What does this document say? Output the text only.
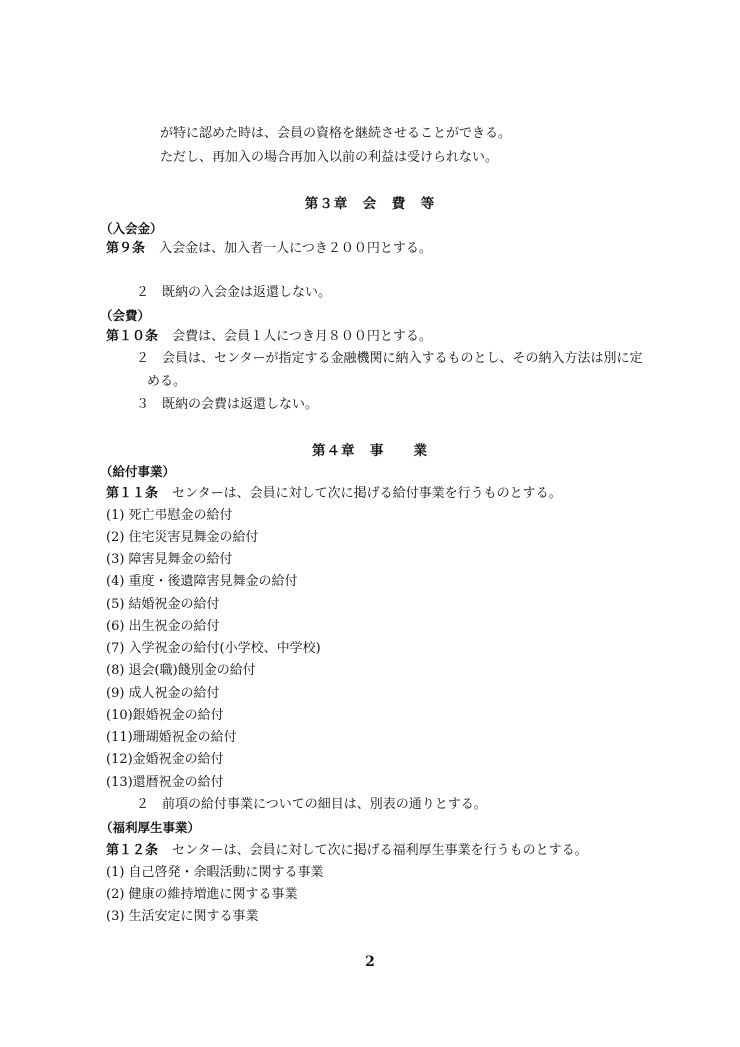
が特に認めた時は、会員の資格を継続させることができる。
ただし、再加入の場合再加入以前の利益は受けられない。
第３章　会　費　等
（入会金）
第９条 入会金は、加入者一人につき２００円とする。
２　既納の入会金は返還しない。
（会費）
第１０条 会費は、会員１人につき月８００円とする。
２　会員は、センターが指定する金融機関に納入するものとし、その納入方法は別に定
める。
３　既納の会費は返還しない。
第４章　事　　業
（給付事業）
第１１条 センターは、会員に対して次に掲げる給付事業を行うものとする。
(1) 死亡弔慰金の給付
(2) 住宅災害見舞金の給付
(3) 障害見舞金の給付
(4) 重度・後遺障害見舞金の給付
(5) 結婚祝金の給付
(6) 出生祝金の給付
(7) 入学祝金の給付(小学校、中学校)
(8) 退会(職)餞別金の給付
(9) 成人祝金の給付
(10)銀婚祝金の給付
(11)珊瑚婚祝金の給付
(12)金婚祝金の給付
(13)還暦祝金の給付
２　前項の給付事業についての細目は、別表の通りとする。
（福利厚生事業）
第１２条 センターは、会員に対して次に掲げる福利厚生事業を行うものとする。
(1) 自己啓発・余暇活動に関する事業
(2) 健康の維持増進に関する事業
(3) 生活安定に関する事業
2
